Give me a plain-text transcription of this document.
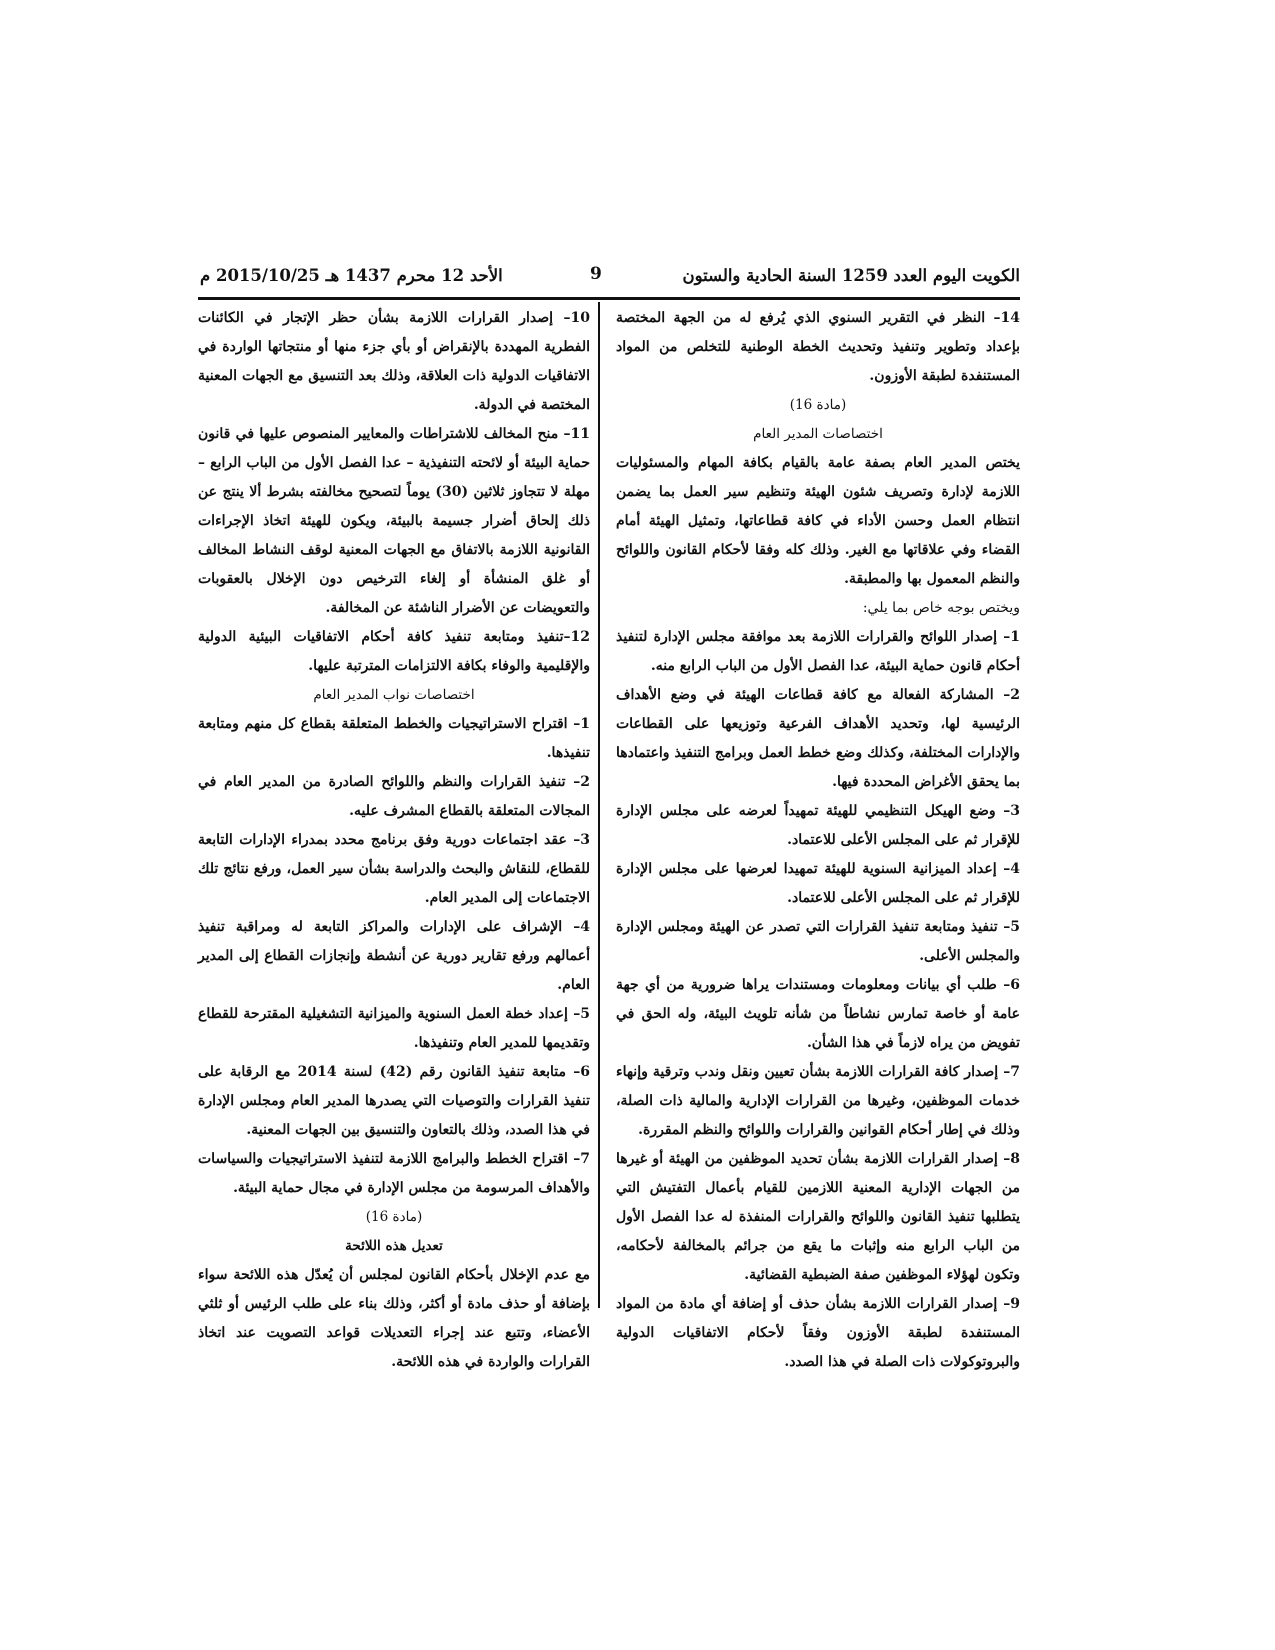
الكويت اليوم العدد 1259 السنة الحادية والستون
9
الأحد 12 محرم 1437 هـ 2015/10/25 م

14– النظر في التقرير السنوي الذي يُرفع له من الجهة المختصة بإعداد وتطوير وتنفيذ وتحديث الخطة الوطنية للتخلص من المواد المستنفدة لطبقة الأوزون.

(مادة 16)

اختصاصات المدير العام

يختص المدير العام بصفة عامة بالقيام بكافة المهام والمسئوليات اللازمة لإدارة وتصريف شئون الهيئة وتنظيم سير العمل بما يضمن انتظام العمل وحسن الأداء في كافة قطاعاتها، وتمثيل الهيئة أمام القضاء وفي علاقاتها مع الغير. وذلك كله وفقا لأحكام القانون واللوائح والنظم المعمول بها والمطبقة.

ويختص بوجه خاص بما يلي:

1– إصدار اللوائح والقرارات اللازمة بعد موافقة مجلس الإدارة لتنفيذ أحكام قانون حماية البيئة، عدا الفصل الأول من الباب الرابع منه.

2– المشاركة الفعالة مع كافة قطاعات الهيئة في وضع الأهداف الرئيسية لها، وتحديد الأهداف الفرعية وتوزيعها على القطاعات والإدارات المختلفة، وكذلك وضع خطط العمل وبرامج التنفيذ واعتمادها بما يحقق الأغراض المحددة فيها.

3– وضع الهيكل التنظيمي للهيئة تمهيداً لعرضه على مجلس الإدارة للإقرار ثم على المجلس الأعلى للاعتماد.

4– إعداد الميزانية السنوية للهيئة تمهيدا لعرضها على مجلس الإدارة للإقرار ثم على المجلس الأعلى للاعتماد.

5– تنفيذ ومتابعة تنفيذ القرارات التي تصدر عن الهيئة ومجلس الإدارة والمجلس الأعلى.

6– طلب أي بيانات ومعلومات ومستندات يراها ضرورية من أي جهة عامة أو خاصة تمارس نشاطاً من شأنه تلويث البيئة، وله الحق في تفويض من يراه لازماً في هذا الشأن.

7– إصدار كافة القرارات اللازمة بشأن تعيين ونقل وندب وترقية وإنهاء خدمات الموظفين، وغيرها من القرارات الإدارية والمالية ذات الصلة، وذلك في إطار أحكام القوانين والقرارات واللوائح والنظم المقررة.

8– إصدار القرارات اللازمة بشأن تحديد الموظفين من الهيئة أو غيرها من الجهات الإدارية المعنية اللازمين للقيام بأعمال التفتيش التي يتطلبها تنفيذ القانون واللوائح والقرارات المنفذة له عدا الفصل الأول من الباب الرابع منه وإثبات ما يقع من جرائم بالمخالفة لأحكامه، وتكون لهؤلاء الموظفين صفة الضبطية القضائية.

9– إصدار القرارات اللازمة بشأن حذف أو إضافة أي مادة من المواد المستنفدة لطبقة الأوزون وفقاً لأحكام الاتفاقيات الدولية والبروتوكولات ذات الصلة في هذا الصدد.

10– إصدار القرارات اللازمة بشأن حظر الإتجار في الكائنات الفطرية المهددة بالإنقراض أو بأي جزء منها أو منتجاتها الواردة في الاتفاقيات الدولية ذات العلاقة، وذلك بعد التنسيق مع الجهات المعنية المختصة في الدولة.

11– منح المخالف للاشتراطات والمعايير المنصوص عليها في قانون حماية البيئة أو لائحته التنفيذية – عدا الفصل الأول من الباب الرابع – مهلة لا تتجاوز ثلاثين (30) يوماً لتصحيح مخالفته بشرط ألا ينتج عن ذلك إلحاق أضرار جسيمة بالبيئة، ويكون للهيئة اتخاذ الإجراءات القانونية اللازمة بالاتفاق مع الجهات المعنية لوقف النشاط المخالف أو غلق المنشأة أو إلغاء الترخيص دون الإخلال بالعقوبات والتعويضات عن الأضرار الناشئة عن المخالفة.

12–تنفيذ ومتابعة تنفيذ كافة أحكام الاتفاقيات البيئية الدولية والإقليمية والوفاء بكافة الالتزامات المترتبة عليها.

اختصاصات نواب المدير العام

1– اقتراح الاستراتيجيات والخطط المتعلقة بقطاع كل منهم ومتابعة تنفيذها.

2– تنفيذ القرارات والنظم واللوائح الصادرة من المدير العام في المجالات المتعلقة بالقطاع المشرف عليه.

3– عقد اجتماعات دورية وفق برنامج محدد بمدراء الإدارات التابعة للقطاع، للنقاش والبحث والدراسة بشأن سير العمل، ورفع نتائج تلك الاجتماعات إلى المدير العام.

4– الإشراف على الإدارات والمراكز التابعة له ومراقبة تنفيذ أعمالهم ورفع تقارير دورية عن أنشطة وإنجازات القطاع إلى المدير العام.

5– إعداد خطة العمل السنوية والميزانية التشغيلية المقترحة للقطاع وتقديمها للمدير العام وتنفيذها.

6– متابعة تنفيذ القانون رقم (42) لسنة 2014 مع الرقابة على تنفيذ القرارات والتوصيات التي يصدرها المدير العام ومجلس الإدارة في هذا الصدد، وذلك بالتعاون والتنسيق بين الجهات المعنية.

7– اقتراح الخطط والبرامج اللازمة لتنفيذ الاستراتيجيات والسياسات والأهداف المرسومة من مجلس الإدارة في مجال حماية البيئة.

(مادة 16)

تعديل هذه اللائحة

مع عدم الإخلال بأحكام القانون لمجلس أن يُعدّل هذه اللائحة سواء بإضافة أو حذف مادة أو أكثر، وذلك بناء على طلب الرئيس أو ثلثي الأعضاء، وتتبع عند إجراء التعديلات قواعد التصويت عند اتخاذ القرارات والواردة في هذه اللائحة.
